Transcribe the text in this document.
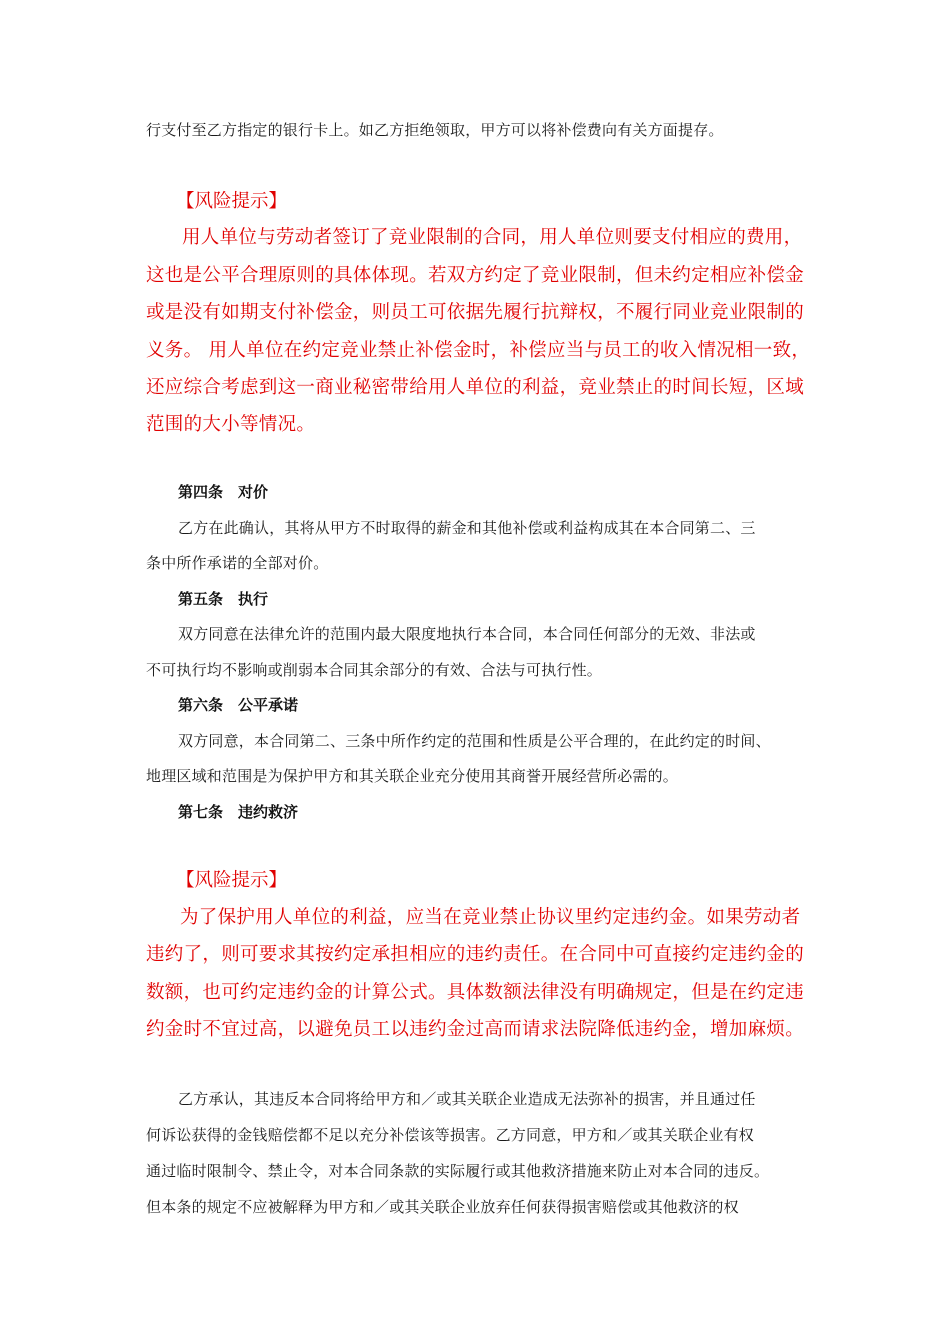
行支付至乙方指定的银行卡上。如乙方拒绝领取，甲方可以将补偿费向有关方面提存。
【风险提示】
用人单位与劳动者签订了竞业限制的合同，用人单位则要支付相应的费用，
这也是公平合理原则的具体体现。若双方约定了竞业限制，但未约定相应补偿金
或是没有如期支付补偿金，则员工可依据先履行抗辩权，不履行同业竞业限制的
义务。 用人单位在约定竞业禁止补偿金时，补偿应当与员工的收入情况相一致，
还应综合考虑到这一商业秘密带给用人单位的利益，竞业禁止的时间长短，区域
范围的大小等情况。
第四条　对价
乙方在此确认，其将从甲方不时取得的薪金和其他补偿或利益构成其在本合同第二、三
条中所作承诺的全部对价。
第五条　执行
双方同意在法律允许的范围内最大限度地执行本合同，本合同任何部分的无效、非法或
不可执行均不影响或削弱本合同其余部分的有效、合法与可执行性。
第六条　公平承诺
双方同意，本合同第二、三条中所作约定的范围和性质是公平合理的，在此约定的时间、
地理区域和范围是为保护甲方和其关联企业充分使用其商誉开展经营所必需的。
第七条　违约救济
【风险提示】
为了保护用人单位的利益，应当在竞业禁止协议里约定违约金。如果劳动者
违约了，则可要求其按约定承担相应的违约责任。在合同中可直接约定违约金的
数额，也可约定违约金的计算公式。具体数额法律没有明确规定，但是在约定违
约金时不宜过高，以避免员工以违约金过高而请求法院降低违约金，增加麻烦。
乙方承认，其违反本合同将给甲方和／或其关联企业造成无法弥补的损害，并且通过任
何诉讼获得的金钱赔偿都不足以充分补偿该等损害。乙方同意，甲方和／或其关联企业有权
通过临时限制令、禁止令，对本合同条款的实际履行或其他救济措施来防止对本合同的违反。
但本条的规定不应被解释为甲方和／或其关联企业放弃任何获得损害赔偿或其他救济的权
